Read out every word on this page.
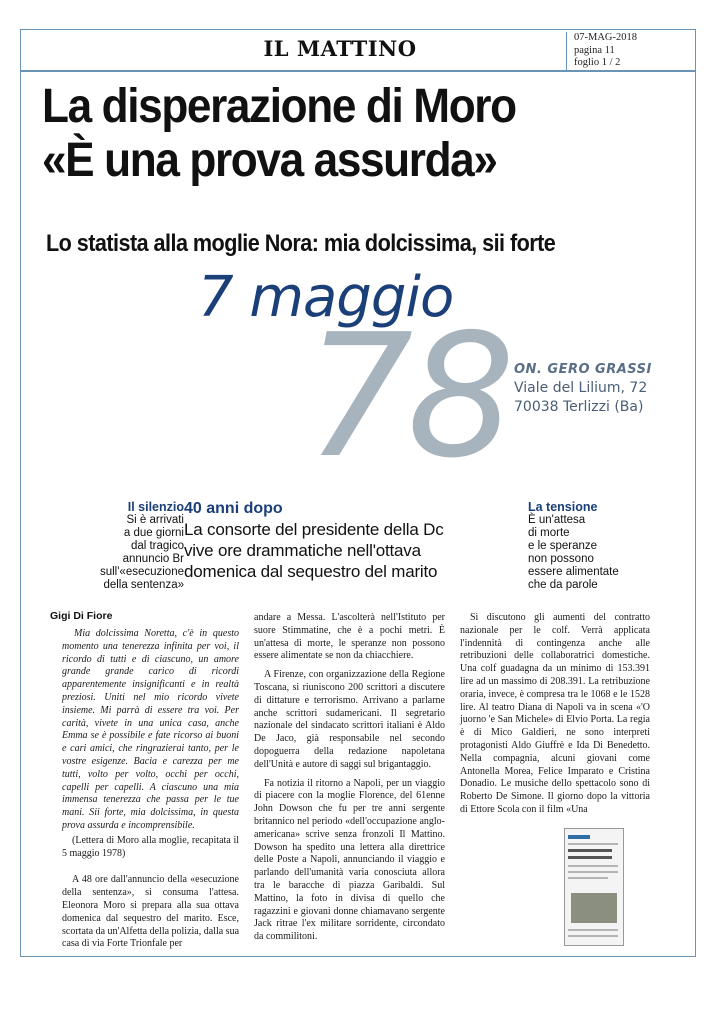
IL MATTINO	07-MAG-2018
pagina 11
foglio 1 / 2
La disperazione di Moro
«È una prova assurda»
Lo statista alla moglie Nora: mia dolcissima, sii forte
78
7 maggio
ON. GERO GRASSI
Viale del Lilium, 72
70038 Terlizzi (Ba)
Il silenzio
Si è arrivati
a due giorni
dal tragico
annuncio Br
sull'«esecuzione
della sentenza»
40 anni dopo
La consorte del presidente della Dc
vive ore drammatiche nell'ottava
domenica dal sequestro del marito
La tensione
È un'attesa
di morte
e le speranze
non possono
essere alimentate
che da parole
Gigi Di Fiore

Mia dolcissima Noretta, c'è in questo momento una tenerezza infinita per voi, il ricordo di tutti e di ciascuno, un amore grande grande carico di ricordi apparentemente insignificanti e in realtà preziosi. Uniti nel mio ricordo vivete insieme. Mi parrà di essere tra voi. Per carità, vivete in una unica casa, anche Emma se è possibile e fate ricorso ai buoni e cari amici, che ringrazierai tanto, per le vostre esigenze. Bacia e carezza per me tutti, volto per volto, occhi per occhi, capelli per capelli. A ciascuno una mia immensa tenerezza che passa per le tue mani. Sii forte, mia dolcissima, in questa prova assurda e incomprensibile.

(Lettera di Moro alla moglie, recapitata il 5 maggio 1978)

A 48 ore dall'annuncio della «esecuzione della sentenza», si consuma l'attesa. Eleonora Moro si prepara alla sua ottava domenica dal sequestro del marito. Esce, scortata da un'Alfetta della polizia, dalla sua casa di via Forte Trionfale per

andare a Messa. L'ascolterà nell'Istituto per suore Stimmatine, che è a pochi metri. È un'attesa di morte, le speranze non possono essere alimentate se non da chiacchiere.

A Firenze, con organizzazione della Regione Toscana, si riuniscono 200 scrittori a discutere di dittature e terrorismo. Arrivano a parlarne anche scrittori sudamericani. Il segretario nazionale del sindacato scrittori italiani è Aldo De Jaco, già responsabile nel secondo dopoguerra della redazione napoletana dell'Unità e autore di saggi sul brigantaggio.

Fa notizia il ritorno a Napoli, per un viaggio di piacere con la moglie Florence, del 61enne John Dowson che fu per tre anni sergente britannico nel periodo «dell'occupazione anglo-americana» scrive senza fronzoli Il Mattino. Dowson ha spedito una lettera alla direttrice delle Poste a Napoli, annunciando il viaggio e parlando dell'umanità varia conosciuta allora tra le baracche di piazza Garibaldi. Sul Mattino, la foto in divisa di quello che ragazzini e giovani donne chiamavano sergente Jack ritrae l'ex militare sorridente, circondato da commilitoni.

Si discutono gli aumenti del contratto nazionale per le colf. Verrà applicata l'indennità di contingenza anche alle retribuzioni delle collaboratrici domestiche. Una colf guadagna da un minimo di 153.391 lire ad un massimo di 208.391. La retribuzione oraria, invece, è compresa tra le 1068 e le 1528 lire. Al teatro Diana di Napoli va in scena «'O juorno 'e San Michele» di Elvio Porta. La regia è di Mico Galdieri, ne sono interpreti protagonisti Aldo Giuffrè e Ida Di Benedetto. Nella compagnia, alcuni giovani come Antonella Morea, Felice Imparato e Cristina Donadio. Le musiche dello spettacolo sono di Roberto De Simone. Il giorno dopo la vittoria di Ettore Scola con il film «Una
